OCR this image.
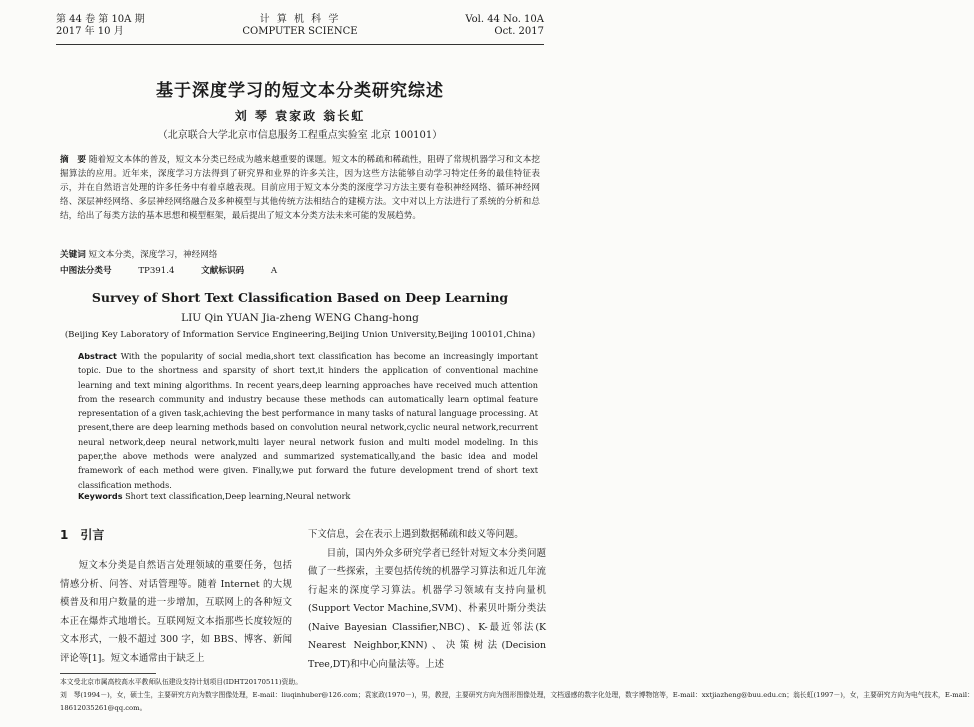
第 44 卷 第 10A 期
2017 年 10 月
计 算 机 科 学
COMPUTER SCIENCE
Vol. 44 No. 10A
Oct. 2017
基于深度学习的短文本分类研究综述
刘 琴 袁家政 翁长虹
（北京联合大学北京市信息服务工程重点实验室 北京 100101）
摘　要 随着短文本体的普及，短文本分类已经成为越来越重要的课题。短文本的稀疏和稀疏性，阻碍了常规机器学习和文本挖掘算法的应用。近年来，深度学习方法得到了研究界和业界的许多关注，因为这些方法能够自动学习特定任务的最佳特征表示，并在自然语言处理的许多任务中有着卓越表现。目前应用于短文本分类的深度学习方法主要有卷积神经网络、循环神经网络、深层神经网络、多层神经网络融合及多种模型与其他传统方法相结合的建模方法。文中对以上方法进行了系统的分析和总结，给出了每类方法的基本思想和模型框架，最后提出了短文本分类方法未来可能的发展趋势。
关键词 短文本分类，深度学习，神经网络
中图法分类号	TP391.4	文献标识码	A
Survey of Short Text Classification Based on Deep Learning
LIU Qin YUAN Jia-zheng WENG Chang-hong
(Beijing Key Laboratory of Information Service Engineering,Beijing Union University,Beijing 100101,China)
Abstract With the popularity of social media,short text classification has become an increasingly important topic. Due to the shortness and sparsity of short text,it hinders the application of conventional machine learning and text mining algorithms. In recent years,deep learning approaches have received much attention from the research community and industry because these methods can automatically learn optimal feature representation of a given task,achieving the best performance in many tasks of natural language processing. At present,there are deep learning methods based on convolution neural network,cyclic neural network,recurrent neural network,deep neural network,multi layer neural network fusion and multi model modeling. In this paper,the above methods were analyzed and summarized systematically,and the basic idea and model framework of each method were given. Finally,we put forward the future development trend of short text classification methods.
Keywords Short text classification,Deep learning,Neural network
1　引言
短文本分类是自然语言处理领域的重要任务，包括情感分析、问答、对话管理等。随着 Internet 的大规模普及和用户数量的进一步增加，互联网上的各种短文本正在爆炸式地增长。互联网短文本指那些长度较短的文本形式，一般不超过 300 字，如 BBS、博客、新闻评论等[1]。短文本通常由于缺乏上
下文信息，会在表示上遇到数据稀疏和歧义等问题。
目前，国内外众多研究学者已经针对短文本分类问题做了一些探索，主要包括传统的机器学习算法和近几年流行起来的深度学习算法。机器学习领域有支持向量机(Support Vector Machine,SVM)、朴素贝叶斯分类法(Naive Bayesian Classifier,NBC)、K-最近邻法(K Nearest Neighbor,KNN)、决策树法(Decision Tree,DT)和中心向量法等。上述
本文受北京市属高校高水平教师队伍建设支持计划项目(IDHT20170511)资助。
刘　琴(1994－)，女，硕士生，主要研究方向为数字图像处理，E-mail：liuqinhuber@126.com；袁家政(1970－)，男，教授，主要研究方向为图形图像处理，文档遥感的数字化处理，数字博物馆等，E-mail：xxtjiazheng@buu.edu.cn；翁长虹(1997－)，女，主要研究方向为电气技术，E-mail：
18612035261@qq.com。
